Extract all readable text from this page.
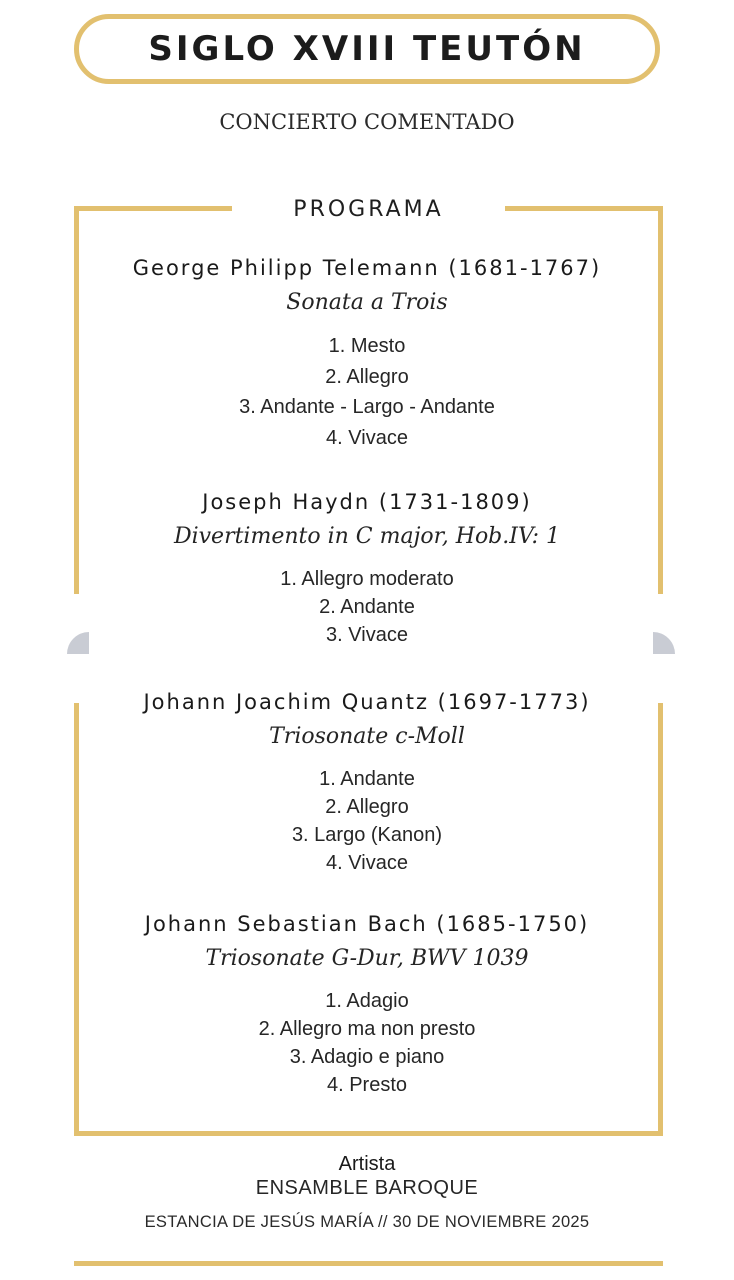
SIGLO XVIII TEUTÓN
CONCIERTO COMENTADO
PROGRAMA
George Philipp Telemann (1681-1767)
Sonata a Trois
1. Mesto
2. Allegro
3. Andante - Largo - Andante
4. Vivace
Joseph Haydn (1731-1809)
Divertimento in C major, Hob.IV: 1
1. Allegro moderato
2. Andante
3. Vivace
Johann Joachim Quantz (1697-1773)
Triosonate c-Moll
1. Andante
2. Allegro
3. Largo (Kanon)
4. Vivace
Johann Sebastian Bach (1685-1750)
Triosonate G-Dur, BWV 1039
1. Adagio
2. Allegro ma non presto
3. Adagio e piano
4. Presto
Artista
ENSAMBLE BAROQUE
ESTANCIA DE JESÚS MARÍA // 30 DE NOVIEMBRE 2025
